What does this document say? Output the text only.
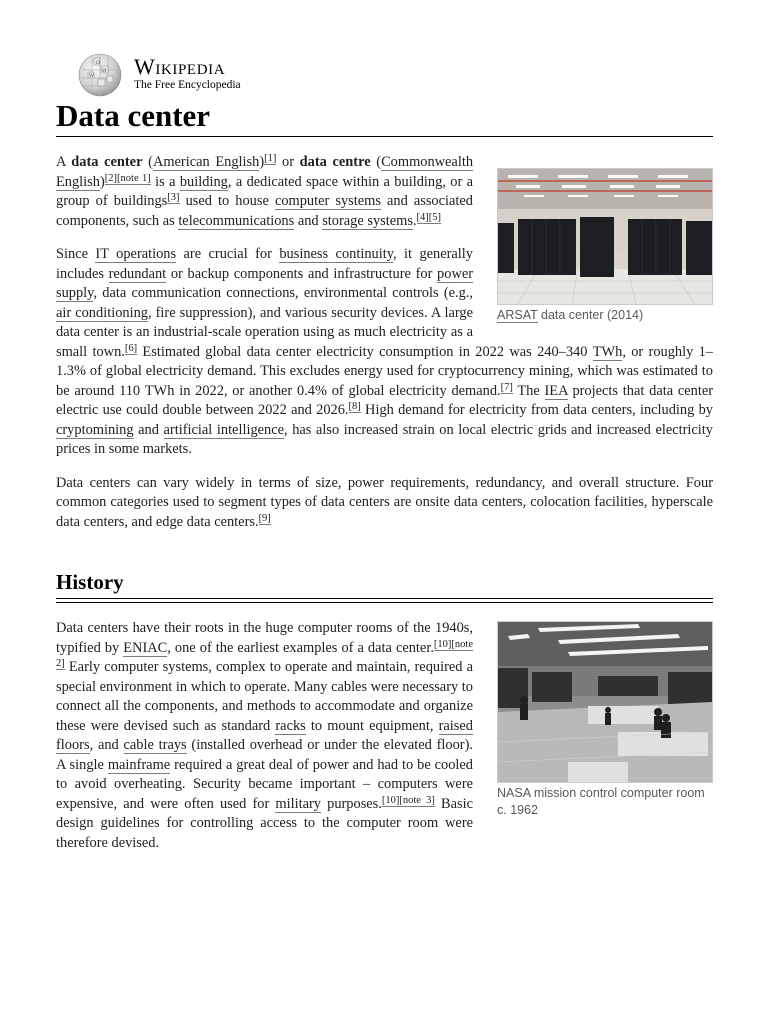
Ω
И
W Wikipedia
The Free Encyclopedia
Data center
ARSAT data center (2014)

A data center (American English)[1] or data centre (Commonwealth English)[2][note 1] is a building, a dedicated space within a building, or a group of buildings[3] used to house computer systems and associated components, such as telecommunications and storage systems.[4][5]

Since IT operations are crucial for business continuity, it generally includes redundant or backup components and infrastructure for power supply, data communication connections, environmental controls (e.g., air conditioning, fire suppression), and various security devices. A large data center is an industrial-scale operation using as much electricity as a small town.[6] Estimated global data center electricity consumption in 2022 was 240–340 TWh, or roughly 1–1.3% of global electricity demand. This excludes energy used for cryptocurrency mining, which was estimated to be around 110 TWh in 2022, or another 0.4% of global electricity demand.[7] The IEA projects that data center electric use could double between 2022 and 2026.[8] High demand for electricity from data centers, including by cryptomining and artificial intelligence, has also increased strain on local electric grids and increased electricity prices in some markets.

Data centers can vary widely in terms of size, power requirements, redundancy, and overall structure. Four common categories used to segment types of data centers are onsite data centers, colocation facilities, hyperscale data centers, and edge data centers.[9]

History
NASA mission control computer room c. 1962

Data centers have their roots in the huge computer rooms of the 1940s, typified by ENIAC, one of the earliest examples of a data center.[10][note 2] Early computer systems, complex to operate and maintain, required a special environment in which to operate. Many cables were necessary to connect all the components, and methods to accommodate and organize these were devised such as standard racks to mount equipment, raised floors, and cable trays (installed overhead or under the elevated floor). A single mainframe required a great deal of power and had to be cooled to avoid overheating. Security became important – computers were expensive, and were often used for military purposes.[10][note 3] Basic design guidelines for controlling access to the computer room were therefore devised.
